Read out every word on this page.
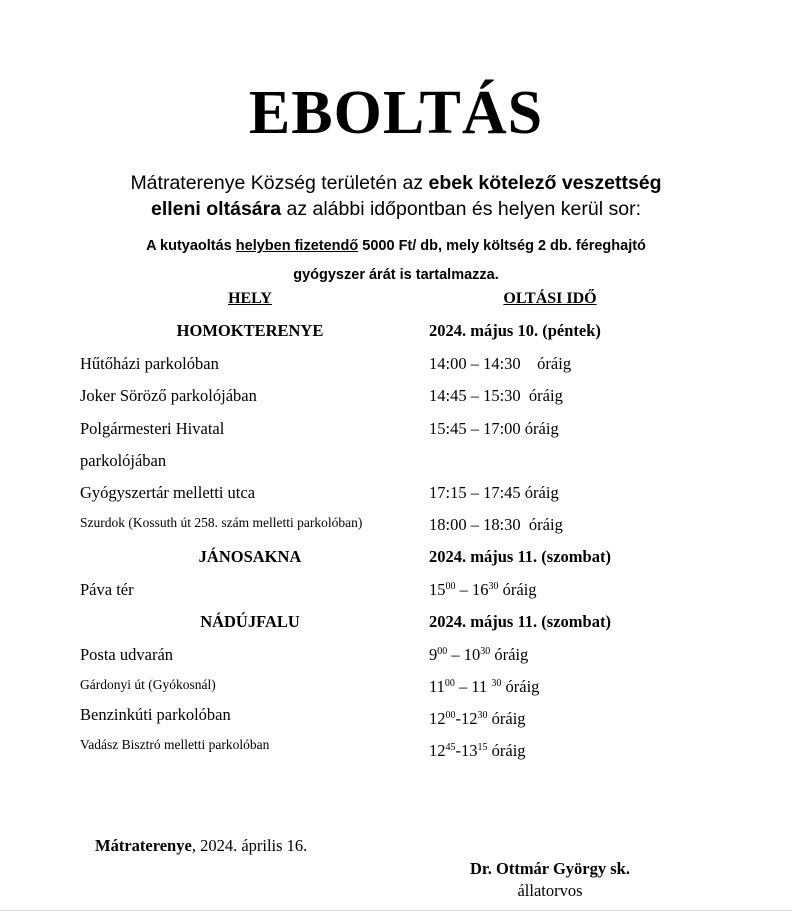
EBOLTÁS
Mátraterenye Község területén az ebek kötelező veszettség
elleni oltására az alábbi időpontban és helyen kerül sor:
A kutyaoltás helyben fizetendő 5000 Ft/ db, mely költség 2 db. féreghajtó
gyógyszer árát is tartalmazza.
HELY	OLTÁSI IDŐ
HOMOKTERENYE	2024. május 10. (péntek)
Hűtőházi parkolóban	14:00 – 14:30    óráig
Joker Söröző parkolójában	14:45 – 15:30  óráig
Polgármesteri Hivatal	15:45 – 17:00 óráig
parkolójában
Gyógyszertár melletti utca	17:15 – 17:45 óráig
Szurdok (Kossuth út 258. szám melletti parkolóban)	18:00 – 18:30  óráig
JÁNOSAKNA	2024. május 11. (szombat)
Páva tér	$15^{00} - 16^{30}$ óráig
NÁDÚJFALU	2024. május 11. (szombat)
Posta udvarán	$9^{00} - 10^{30}$ óráig
Gárdonyi út (Gyókosnál)	$11^{00} - 11$ $^{30}$ óráig
Benzinkúti parkolóban	$12^{00}-12^{30}$ óráig
Vadász Bisztró melletti parkolóban	$12^{45}-13^{15}$ óráig
Mátraterenye, 2024. április 16.
Dr. Ottmár György sk.
állatorvos
